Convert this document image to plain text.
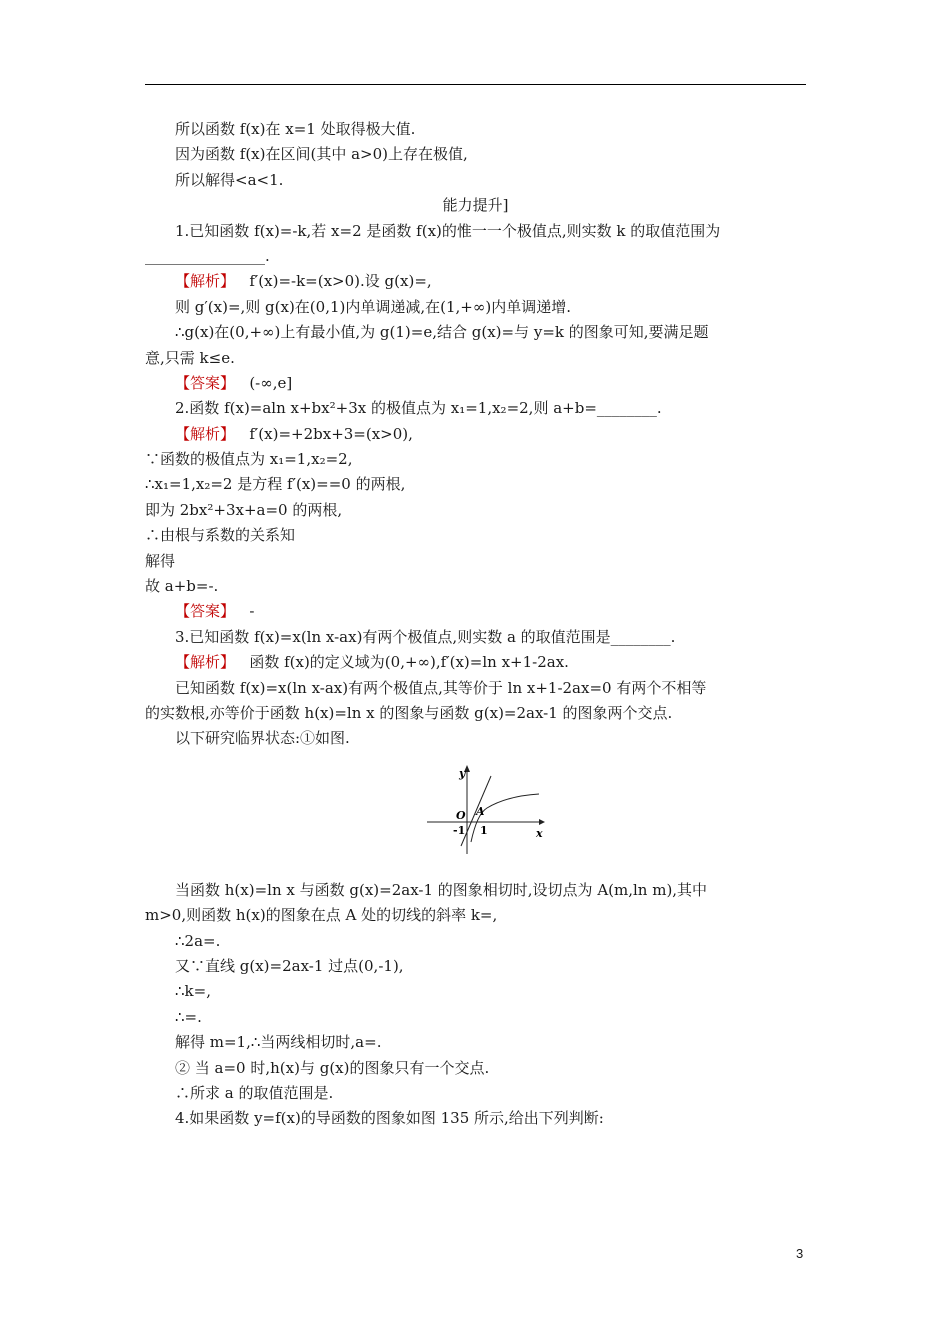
所以函数 f(x)在 x=1 处取得极大值.
因为函数 f(x)在区间(其中 a>0)上存在极值,
所以解得<a<1.
能力提升]
1.已知函数 f(x)=-k,若 x=2 是函数 f(x)的惟一一个极值点,则实数 k 的取值范围为
________________.
【解析】 f′(x)=-k=(x>0).设 g(x)=,
则 g′(x)=,则 g(x)在(0,1)内单调递减,在(1,+∞)内单调递增.
∴g(x)在(0,+∞)上有最小值,为 g(1)=e,结合 g(x)=与 y=k 的图象可知,要满足题
意,只需 k≤e.
【答案】 (-∞,e]
2.函数 f(x)=aln x+bx²+3x 的极值点为 x₁=1,x₂=2,则 a+b=________.
【解析】 f′(x)=+2bx+3=(x>0),
∵函数的极值点为 x₁=1,x₂=2,
∴x₁=1,x₂=2 是方程 f′(x)==0 的两根,
即为 2bx²+3x+a=0 的两根,
∴由根与系数的关系知
解得
故 a+b=-.
【答案】 -
3.已知函数 f(x)=x(ln x-ax)有两个极值点,则实数 a 的取值范围是________.
【解析】 函数 f(x)的定义域为(0,+∞),f′(x)=ln x+1-2ax.
已知函数 f(x)=x(ln x-ax)有两个极值点,其等价于 ln x+1-2ax=0 有两个不相等
的实数根,亦等价于函数 h(x)=ln x 的图象与函数 g(x)=2ax-1 的图象两个交点.
以下研究临界状态:①如图.
y
x
O A
-1 1
当函数 h(x)=ln x 与函数 g(x)=2ax-1 的图象相切时,设切点为 A(m,ln m),其中
m>0,则函数 h(x)的图象在点 A 处的切线的斜率 k=,
∴2a=.
又∵直线 g(x)=2ax-1 过点(0,-1),
∴k=,
∴=.
解得 m=1,∴当两线相切时,a=.
② 当 a=0 时,h(x)与 g(x)的图象只有一个交点.
∴所求 a 的取值范围是.
4.如果函数 y=f(x)的导函数的图象如图 135 所示,给出下列判断:
3
